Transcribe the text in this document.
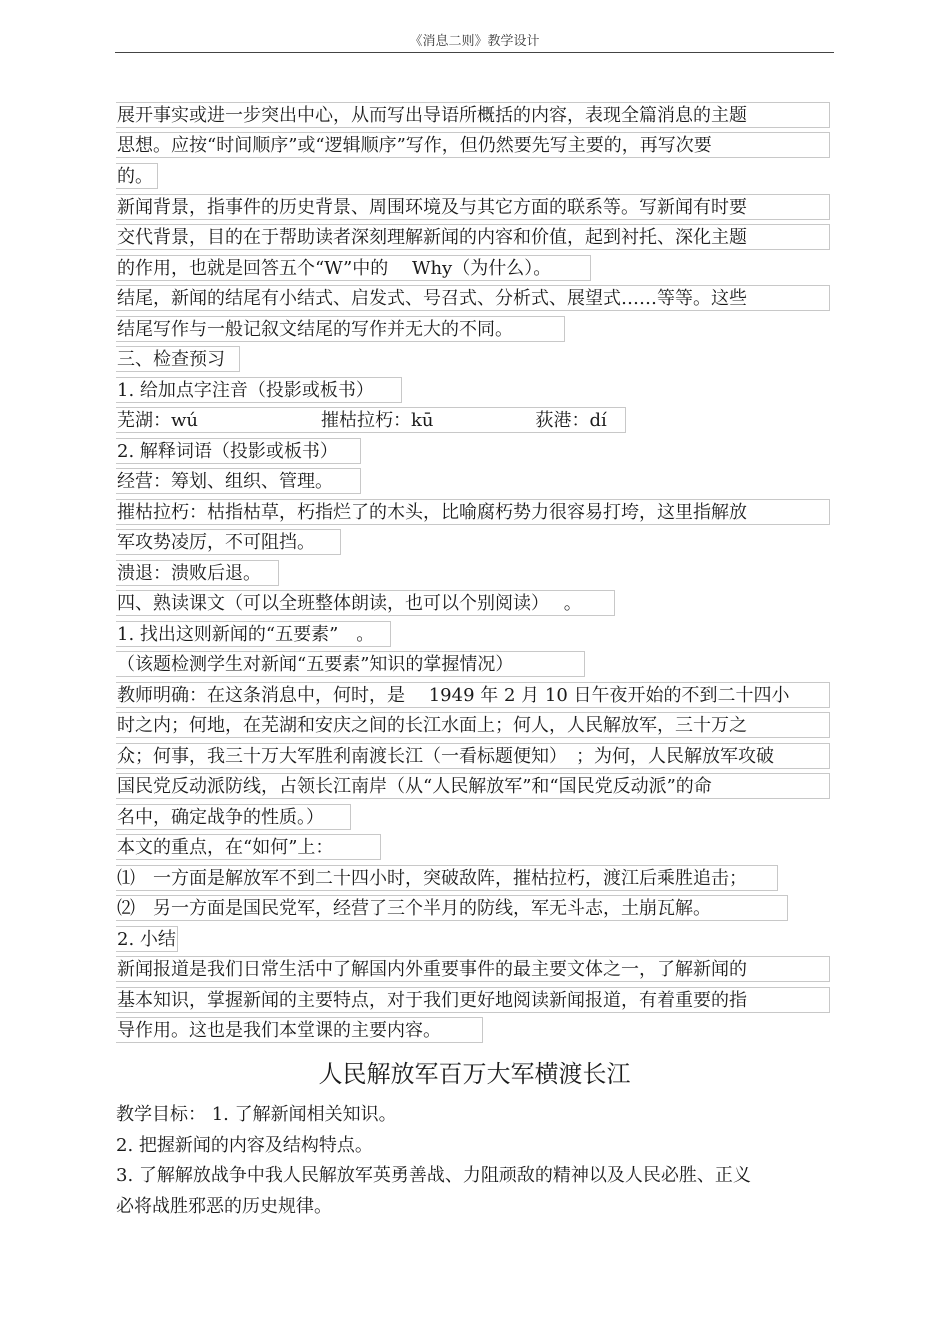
《消息二则》教学设计
展开事实或进一步突出中心，从而写出导语所概括的内容，表现全篇消息的主题
思想。应按“时间顺序”或“逻辑顺序”写作，但仍然要先写主要的，再写次要
的。
新闻背景，指事件的历史背景、周围环境及与其它方面的联系等。写新闻有时要
交代背景，目的在于帮助读者深刻理解新闻的内容和价值，起到衬托、深化主题
的作用，也就是回答五个“W”中的　 Why（为什么）。
结尾，新闻的结尾有小结式、启发式、号召式、分析式、展望式……等等。这些
结尾写作与一般记叙文结尾的写作并无大的不同。
三、检查预习
1. 给加点字注音（投影或板书）
芜湖：wú	摧枯拉朽：kū	荻港：dí
2. 解释词语（投影或板书）
经营：筹划、组织、管理。
摧枯拉朽：枯指枯草，朽指烂了的木头，比喻腐朽势力很容易打垮，这里指解放
军攻势凌厉，不可阻挡。
溃退：溃败后退。
四、熟读课文（可以全班整体朗读，也可以个别阅读）　 。
1. 找出这则新闻的“五要素”　。
（该题检测学生对新闻“五要素”知识的掌握情况）
教师明确：在这条消息中，何时，是　 1949 年 2 月 10 日午夜开始的不到二十四小
时之内；何地，在芜湖和安庆之间的长江水面上；何人，人民解放军，三十万之
众；何事，我三十万大军胜利南渡长江（一看标题便知）　；为何，人民解放军攻破
国民党反动派防线，占领长江南岸（从“人民解放军”和“国民党反动派”的命
名中，确定战争的性质。）
本文的重点，在“如何”上：
⑴　一方面是解放军不到二十四小时，突破敌阵，摧枯拉朽，渡江后乘胜追击；
⑵　另一方面是国民党军，经营了三个半月的防线，军无斗志，土崩瓦解。
2. 小结
新闻报道是我们日常生活中了解国内外重要事件的最主要文体之一，了解新闻的
基本知识，掌握新闻的主要特点，对于我们更好地阅读新闻报道，有着重要的指
导作用。这也是我们本堂课的主要内容。
人民解放军百万大军横渡长江
教学目标： 1. 了解新闻相关知识。
2. 把握新闻的内容及结构特点。
3. 了解解放战争中我人民解放军英勇善战、力阻顽敌的精神以及人民必胜、正义
必将战胜邪恶的历史规律。
